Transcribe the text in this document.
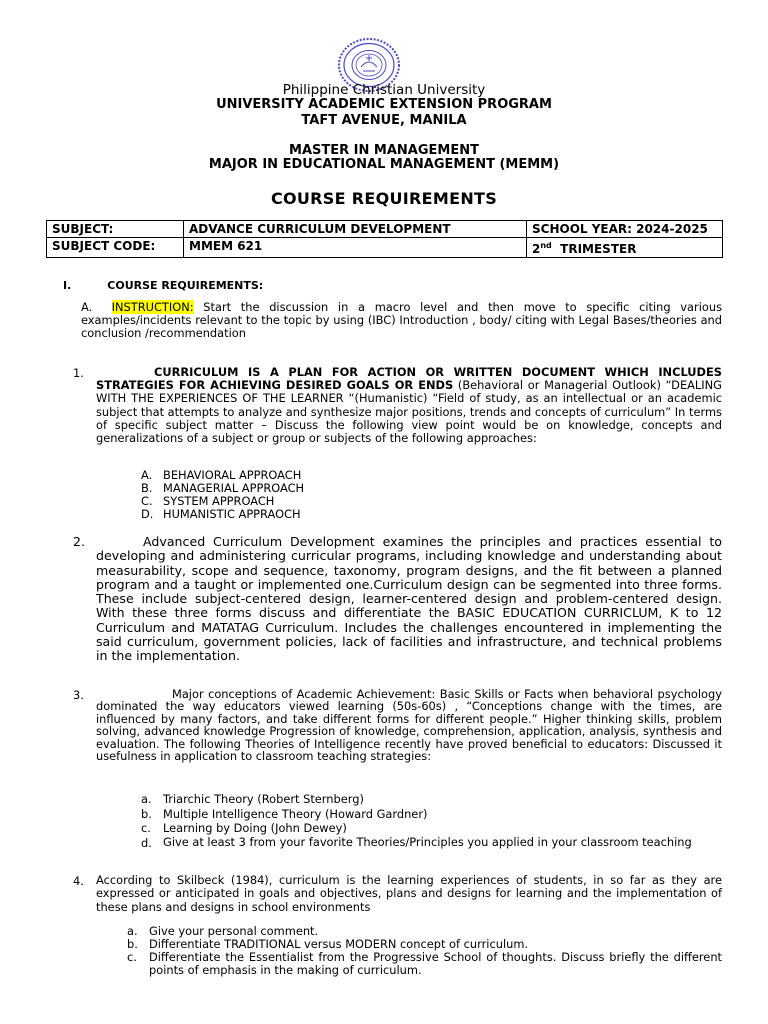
Philippine Christian University
UNIVERSITY ACADEMIC EXTENSION PROGRAM
TAFT AVENUE, MANILA
MASTER IN MANAGEMENT
MAJOR IN EDUCATIONAL MANAGEMENT (MEMM)
COURSE REQUIREMENTS
SUBJECT:	ADVANCE CURRICULUM DEVELOPMENT	SCHOOL YEAR: 2024-2025
SUBJECT CODE:	MMEM 621	2nd TRIMESTER
I.	COURSE REQUIREMENTS:
A. INSTRUCTION: Start the discussion in a macro level and then move to specific citing various examples/incidents relevant to the topic by using (IBC) Introduction , body/ citing with Legal Bases/theories and conclusion /recommendation
1.	CURRICULUM IS A PLAN FOR ACTION OR WRITTEN DOCUMENT WHICH INCLUDES STRATEGIES FOR ACHIEVING DESIRED GOALS OR ENDS (Behavioral or Managerial Outlook) “DEALING WITH THE EXPERIENCES OF THE LEARNER “(Humanistic) “Field of study, as an intellectual or an academic subject that attempts to analyze and synthesize major positions, trends and concepts of curriculum” In terms of specific subject matter – Discuss the following view point would be on knowledge, concepts and generalizations of a subject or group or subjects of the following approaches:
A. BEHAVIORAL APPROACH
B. MANAGERIAL APPROACH
C. SYSTEM APPROACH
D. HUMANISTIC APPRAOCH
2.	Advanced Curriculum Development examines the principles and practices essential to developing and administering curricular programs, including knowledge and understanding about measurability, scope and sequence, taxonomy, program designs, and the fit between a planned program and a taught or implemented one.Curriculum design can be segmented into three forms. These include subject-centered design, learner-centered design and problem-centered design. With these three forms discuss and differentiate the BASIC EDUCATION CURRICLUM, K to 12 Curriculum and MATATAG Curriculum. Includes the challenges encountered in implementing the said curriculum, government policies, lack of facilities and infrastructure, and technical problems in the implementation.
3.	Major conceptions of Academic Achievement: Basic Skills or Facts when behavioral psychology dominated the way educators viewed learning (50s-60s) , “Conceptions change with the times, are influenced by many factors, and take different forms for different people.” Higher thinking skills, problem solving, advanced knowledge Progression of knowledge, comprehension, application, analysis, synthesis and evaluation. The following Theories of Intelligence recently have proved beneficial to educators: Discussed it usefulness in application to classroom teaching strategies:
a. Triarchic Theory (Robert Sternberg)
b. Multiple Intelligence Theory (Howard Gardner)
c.	Learning by Doing (John Dewey)
d. Give at least 3 from your favorite Theories/Principles you applied in your classroom teaching
4. According to Skilbeck (1984), curriculum is the learning experiences of students, in so far as they are expressed or anticipated in goals and objectives, plans and designs for learning and the implementation of these plans and designs in school environments
a. Give your personal comment.
b. Differentiate TRADITIONAL versus MODERN concept of curriculum.
c.	Differentiate the Essentialist from the Progressive School of thoughts. Discuss briefly the different points of emphasis in the making of curriculum.
